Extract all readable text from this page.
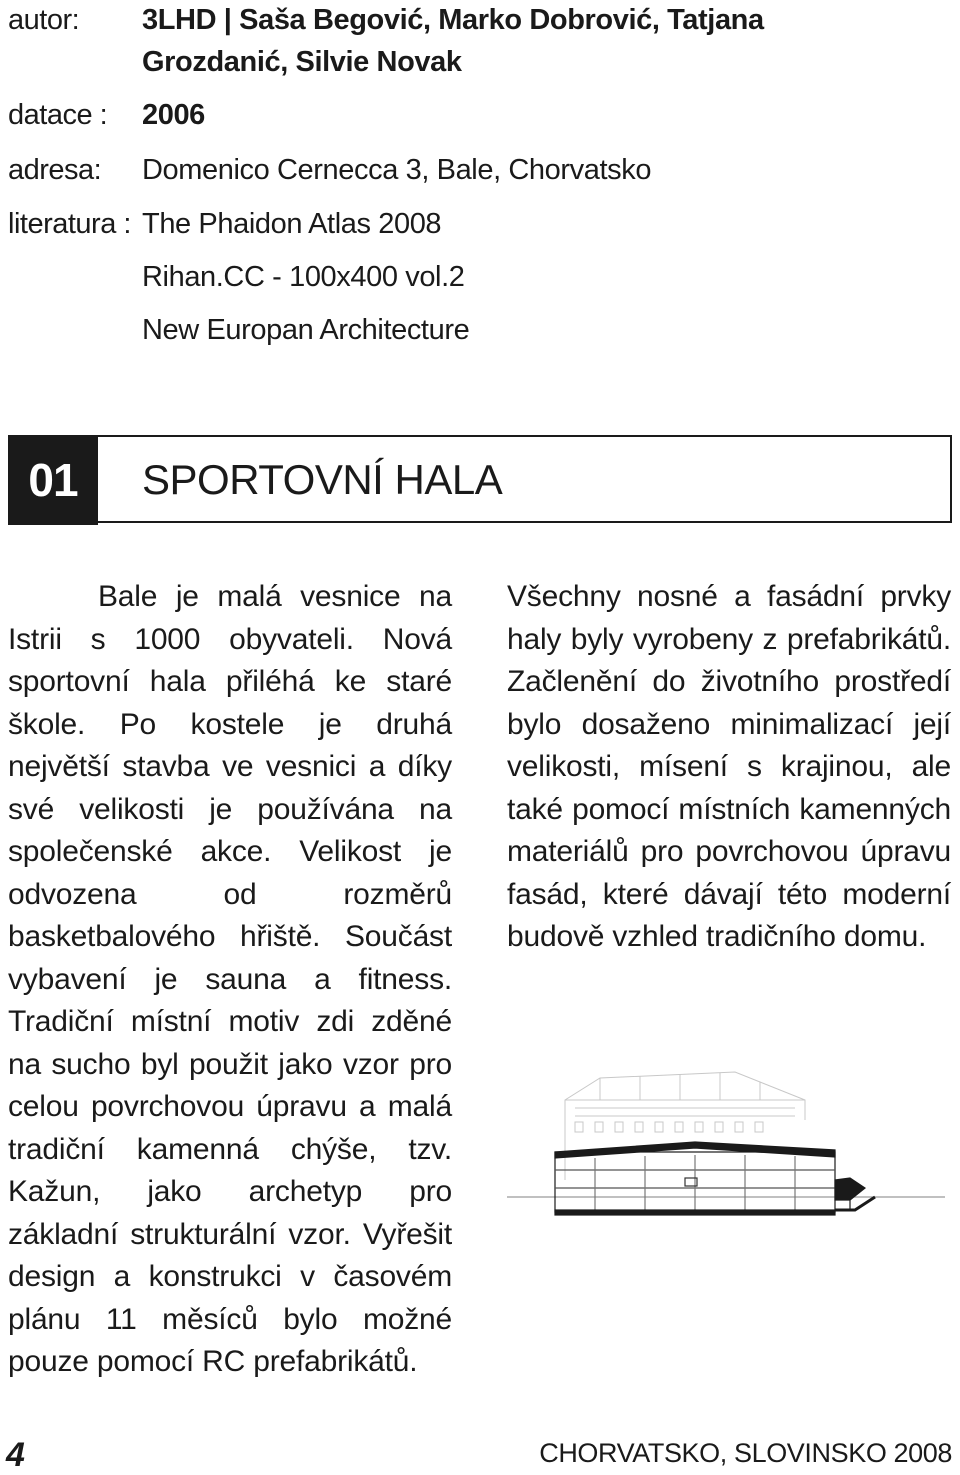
autor: 3LHD | Saša Begović, Marko Dobrović, Tatjana
Grozdanić, Silvie Novak
datace : 2006
adresa: Domenico Cernecca 3, Bale, Chorvatsko
literatura : The Phaidon Atlas 2008
Rihan.CC - 100x400 vol.2
New Europan Architecture
01	SPORTOVNÍ HALA
Bale je malá vesnice na Istrii s 1000 obyvateli. Nová sportovní hala přiléhá ke staré škole. Po kostele je druhá největší stavba ve vesnici a díky své velikosti je používána na společenské akce. Velikost je odvozena od rozměrů basketbalového hřiště. Součást vybavení je sauna a fitness. Tradiční místní motiv zdi zděné na sucho byl použit jako vzor pro celou povrchovou úpravu a malá tradiční kamenná chýše, tzv. Kažun, jako archetyp pro základní strukturální vzor. Vyřešit design a konstrukci v časovém plánu 11 měsíců bylo možné pouze pomocí RC prefabrikátů.
Všechny nosné a fasádní prvky haly byly vyrobeny z prefabrikátů. Začlenění do životního prostředí bylo dosaženo minimalizací její velikosti, mísení s krajinou, ale také pomocí místních kamenných materiálů pro povrchovou úpravu fasád, které dávají této moderní budově vzhled tradičního domu.
4	CHORVATSKO, SLOVINSKO 2008
